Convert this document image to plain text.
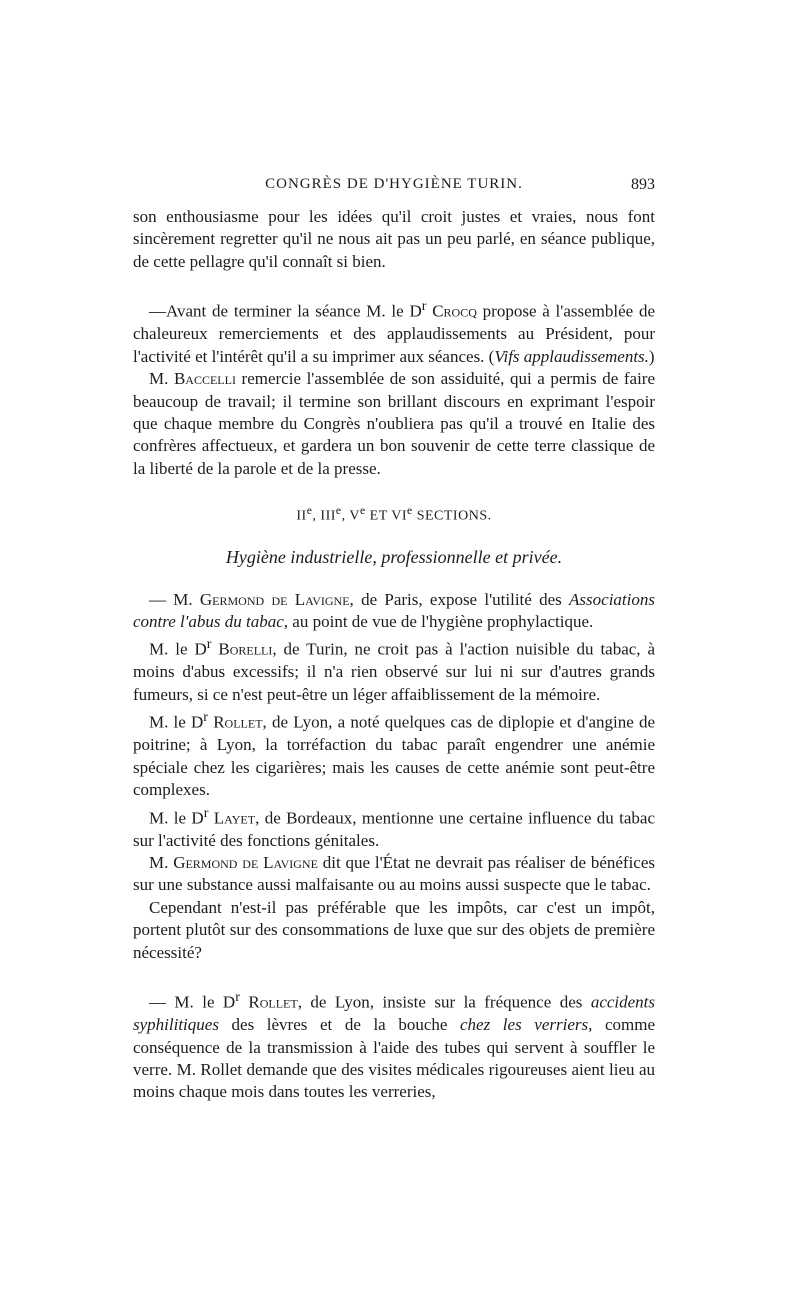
CONGRÈS DE D'HYGIÈNE TURIN.	893

son enthousiasme pour les idées qu'il croit justes et vraies, nous font sincèrement regretter qu'il ne nous ait pas un peu parlé, en séance publique, de cette pellagre qu'il connaît si bien.

—Avant de terminer la séance M. le $D^r$ Crocq propose à l'assemblée de chaleureux remerciements et des applaudissements au Président, pour l'activité et l'intérêt qu'il a su imprimer aux séances. (Vifs applaudissements.)

M. Baccelli remercie l'assemblée de son assiduité, qui a permis de faire beaucoup de travail; il termine son brillant discours en exprimant l'espoir que chaque membre du Congrès n'oubliera pas qu'il a trouvé en Italie des confrères affectueux, et gardera un bon souvenir de cette terre classique de la liberté de la parole et de la presse.

IIe, IIIe, Ve ET VIe SECTIONS.

Hygiène industrielle, professionnelle et privée.

— M. Germond de Lavigne, de Paris, expose l'utilité des Associations contre l'abus du tabac, au point de vue de l'hygiène prophylactique.

M. le $D^r$ Borelli, de Turin, ne croit pas à l'action nuisible du tabac, à moins d'abus excessifs; il n'a rien observé sur lui ni sur d'autres grands fumeurs, si ce n'est peut-être un léger affaiblissement de la mémoire.

M. le $D^r$ Rollet, de Lyon, a noté quelques cas de diplopie et d'angine de poitrine; à Lyon, la torréfaction du tabac paraît engendrer une anémie spéciale chez les cigarières; mais les causes de cette anémie sont peut-être complexes.

M. le $D^r$ Layet, de Bordeaux, mentionne une certaine influence du tabac sur l'activité des fonctions génitales.

M. Germond de Lavigne dit que l'État ne devrait pas réaliser de bénéfices sur une substance aussi malfaisante ou au moins aussi suspecte que le tabac.

Cependant n'est-il pas préférable que les impôts, car c'est un impôt, portent plutôt sur des consommations de luxe que sur des objets de première nécessité?

— M. le $D^r$ Rollet, de Lyon, insiste sur la fréquence des accidents syphilitiques des lèvres et de la bouche chez les verriers, comme conséquence de la transmission à l'aide des tubes qui servent à souffler le verre. M. Rollet demande que des visites médicales rigoureuses aient lieu au moins chaque mois dans toutes les verreries,
